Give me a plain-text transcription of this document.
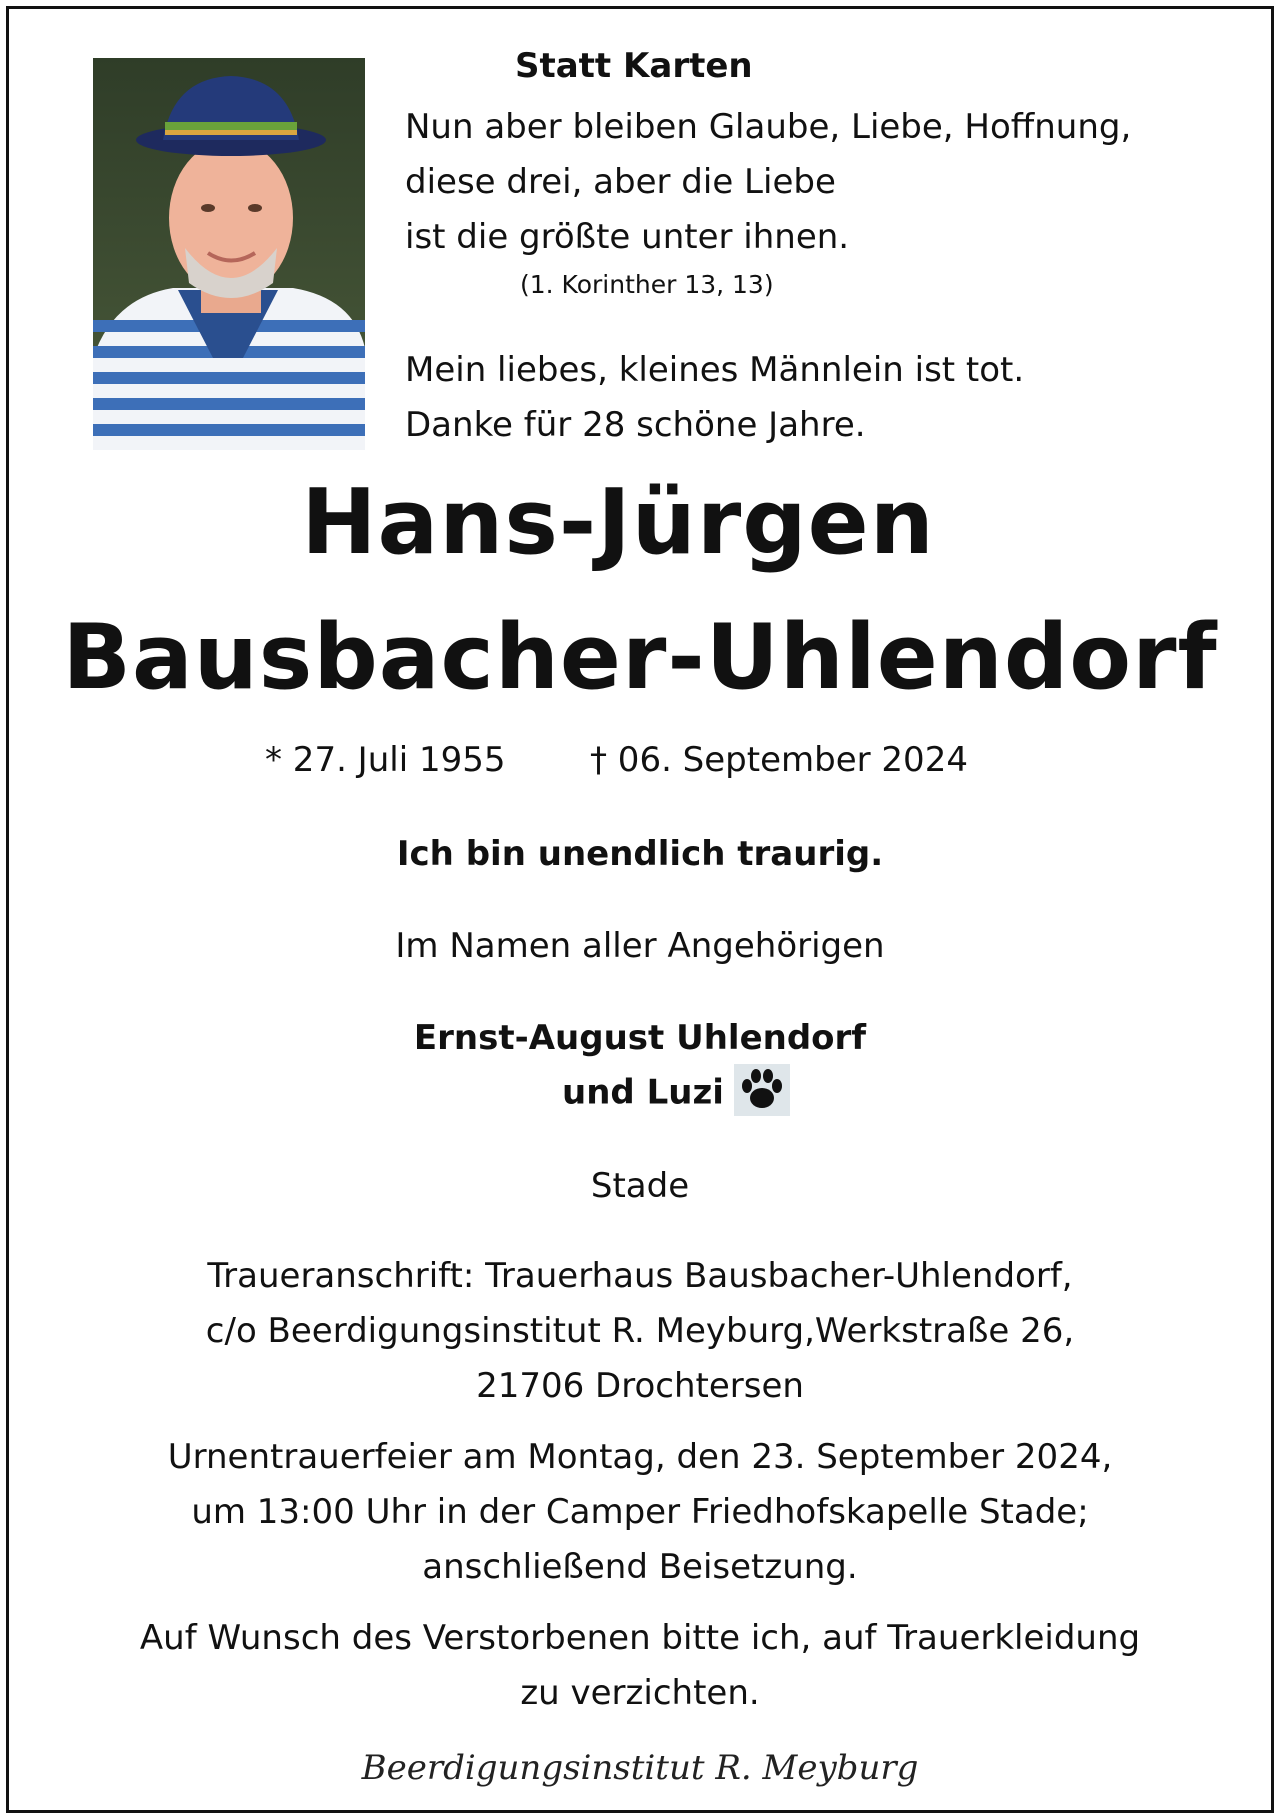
Statt Karten
Nun aber bleiben Glaube, Liebe, Hoffnung,
diese drei, aber die Liebe
ist die größte unter ihnen.
(1. Korinther 13, 13)
Mein liebes, kleines Männlein ist tot.
Danke für 28 schöne Jahre.
Hans-Jürgen
Bausbacher-Uhlendorf
* 27. Juli 1955 † 06. September 2024
Ich bin unendlich traurig.
Im Namen aller Angehörigen
Ernst-August Uhlendorf
und Luzi
Stade
Traueranschrift: Trauerhaus Bausbacher-Uhlendorf,
c/o Beerdigungsinstitut R. Meyburg,Werkstraße 26,
21706 Drochtersen
Urnentrauerfeier am Montag, den 23. September 2024,
um 13:00 Uhr in der Camper Friedhofskapelle Stade;
anschließend Beisetzung.
Auf Wunsch des Verstorbenen bitte ich, auf Trauerkleidung
zu verzichten.
Beerdigungsinstitut R. Meyburg
